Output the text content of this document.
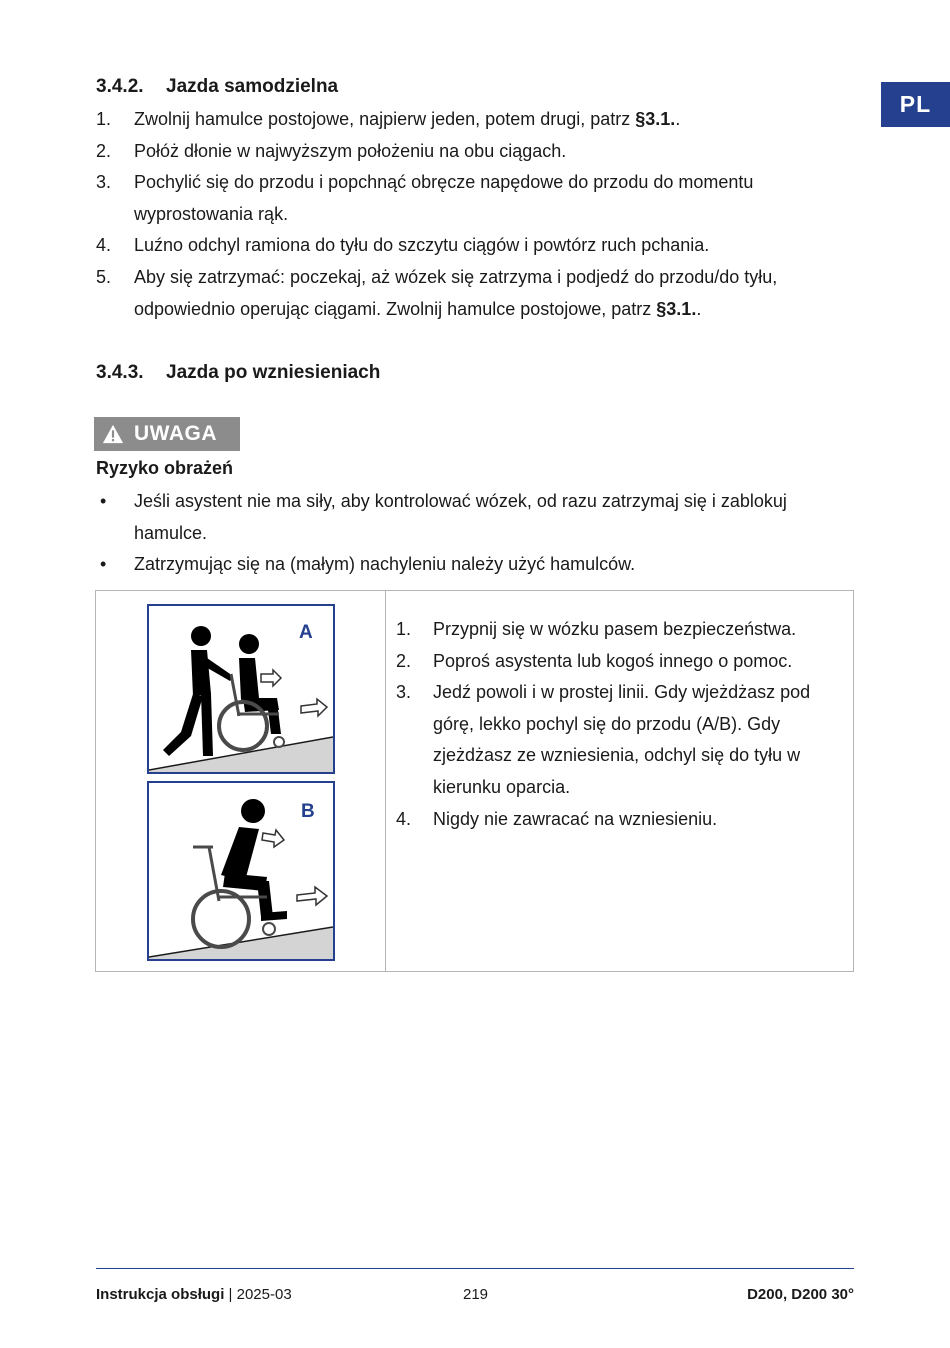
PL
3.4.2. Jazda samodzielna
1. Zwolnij hamulce postojowe, najpierw jeden, potem drugi, patrz §3.1..
2. Połóż dłonie w najwyższym położeniu na obu ciągach.
3. Pochylić się do przodu i popchnąć obręcze napędowe do przodu do momentu wyprostowania rąk.
4. Luźno odchyl ramiona do tyłu do szczytu ciągów i powtórz ruch pchania.
5. Aby się zatrzymać: poczekaj, aż wózek się zatrzyma i podjedź do przodu/do tyłu, odpowiednio operując ciągami. Zwolnij hamulce postojowe, patrz §3.1..
3.4.3. Jazda po wzniesieniach
UWAGA
Ryzyko obrażeń
• Jeśli asystent nie ma siły, aby kontrolować wózek, od razu zatrzymaj się i zablokuj hamulce.
• Zatrzymując się na (małym) nachyleniu należy użyć hamulców.
A
B
1. Przypnij się w wózku pasem bezpieczeństwa.
2. Poproś asystenta lub kogoś innego o pomoc.
3. Jedź powoli i w prostej linii. Gdy wjeżdżasz pod górę, lekko pochyl się do przodu (A/B). Gdy zjeżdżasz ze wzniesienia, odchyl się do tyłu w kierunku oparcia.
4. Nigdy nie zawracać na wzniesieniu.
Instrukcja obsługi | 2025-03	219	D200, D200 30°
